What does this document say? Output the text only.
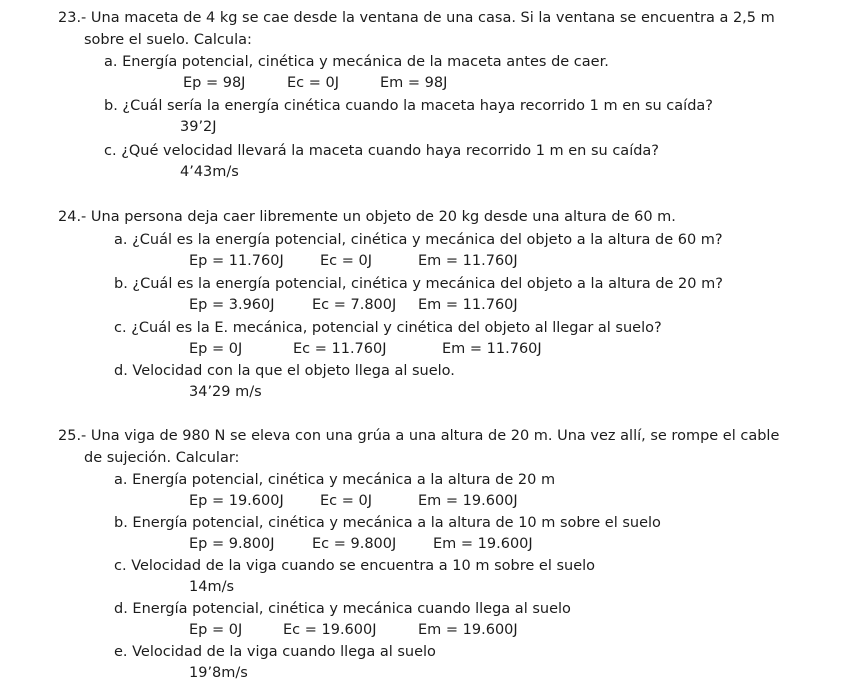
23.- Una maceta de 4 kg se cae desde la ventana de una casa. Si la ventana se encuentra a 2,5 m
sobre el suelo. Calcula:
a. Energía potencial, cinética y mecánica de la maceta antes de caer.
Ep = 98J	Ec = 0J	Em = 98J
b. ¿Cuál sería la energía cinética cuando la maceta haya recorrido 1 m en su caída?
39’2J
c. ¿Qué velocidad llevará la maceta cuando haya recorrido 1 m en su caída?
4’43m/s
24.- Una persona deja caer libremente un objeto de 20 kg desde una altura de 60 m.
a. ¿Cuál es la energía potencial, cinética y mecánica del objeto a la altura de 60 m?
Ep = 11.760J	Ec = 0J	Em = 11.760J
b. ¿Cuál es la energía potencial, cinética y mecánica del objeto a la altura de 20 m?
Ep = 3.960J	Ec = 7.800J Em = 11.760J
c. ¿Cuál es la E. mecánica, potencial y cinética del objeto al llegar al suelo?
Ep = 0J	Ec = 11.760J	Em = 11.760J
d. Velocidad con la que el objeto llega al suelo.
34’29 m/s
25.- Una viga de 980 N se eleva con una grúa a una altura de 20 m. Una vez allí, se rompe el cable
de sujeción. Calcular:
a. Energía potencial, cinética y mecánica a la altura de 20 m
Ep = 19.600J	Ec = 0J	Em = 19.600J
b. Energía potencial, cinética y mecánica a la altura de 10 m sobre el suelo
Ep = 9.800J	Ec = 9.800J	Em = 19.600J
c. Velocidad de la viga cuando se encuentra a 10 m sobre el suelo
14m/s
d. Energía potencial, cinética y mecánica cuando llega al suelo
Ep = 0J	Ec = 19.600J	Em = 19.600J
e. Velocidad de la viga cuando llega al suelo
19’8m/s
